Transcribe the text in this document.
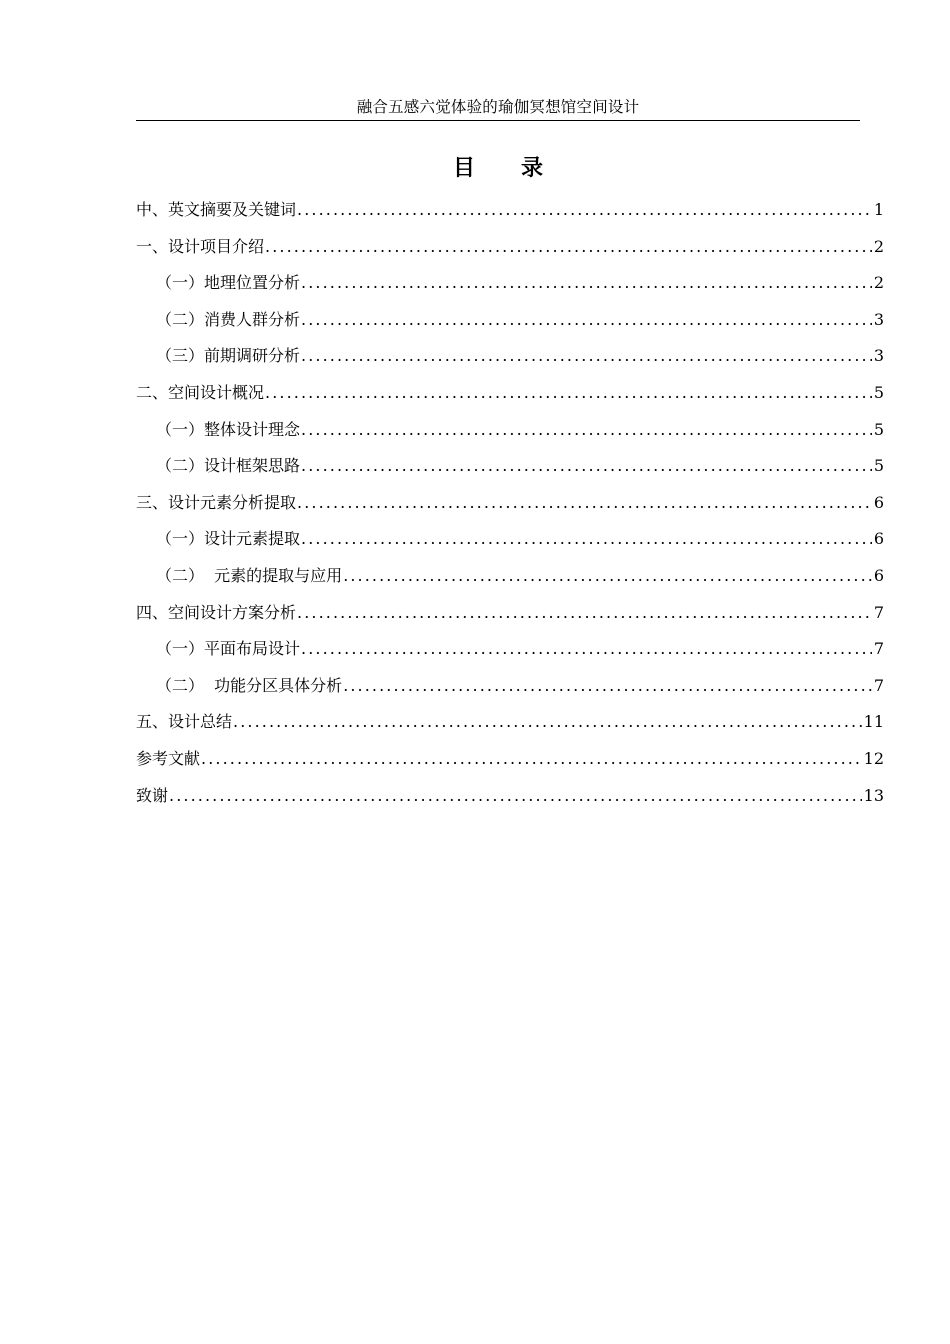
融合五感六觉体验的瑜伽冥想馆空间设计
目 录
中、英文摘要及关键词 .....	1
一、设计项目介绍 .....	2
（一）地理位置分析 .....	2
（二）消费人群分析 .....	3
（三）前期调研分析 .....	3
二、空间设计概况 .....	5
（一）整体设计理念 .....	5
（二）设计框架思路 .....	5
三、设计元素分析提取 .....	6
（一）设计元素提取 .....	6
（二）  元素的提取与应用 .....	6
四、空间设计方案分析 .....	7
（一）平面布局设计 .....	7
（二）  功能分区具体分析 .....	7
五、设计总结 .....	11
参考文献 .....	12
致谢 .....	13
